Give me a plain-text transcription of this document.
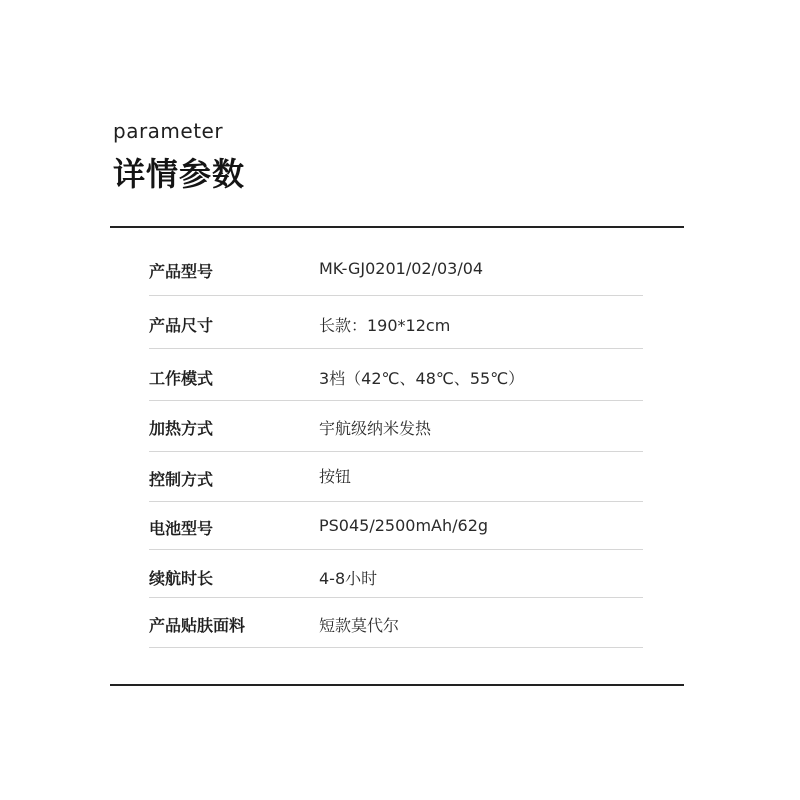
parameter
详情参数
产品型号	MK-GJ0201/02/03/04
产品尺寸	长款：190*12cm
工作模式	3档（42℃、48℃、55℃）
加热方式	宇航级纳米发热
控制方式	按钮
电池型号	PS045/2500mAh/62g
续航时长	4-8小时
产品贴肤面料	短款莫代尔
